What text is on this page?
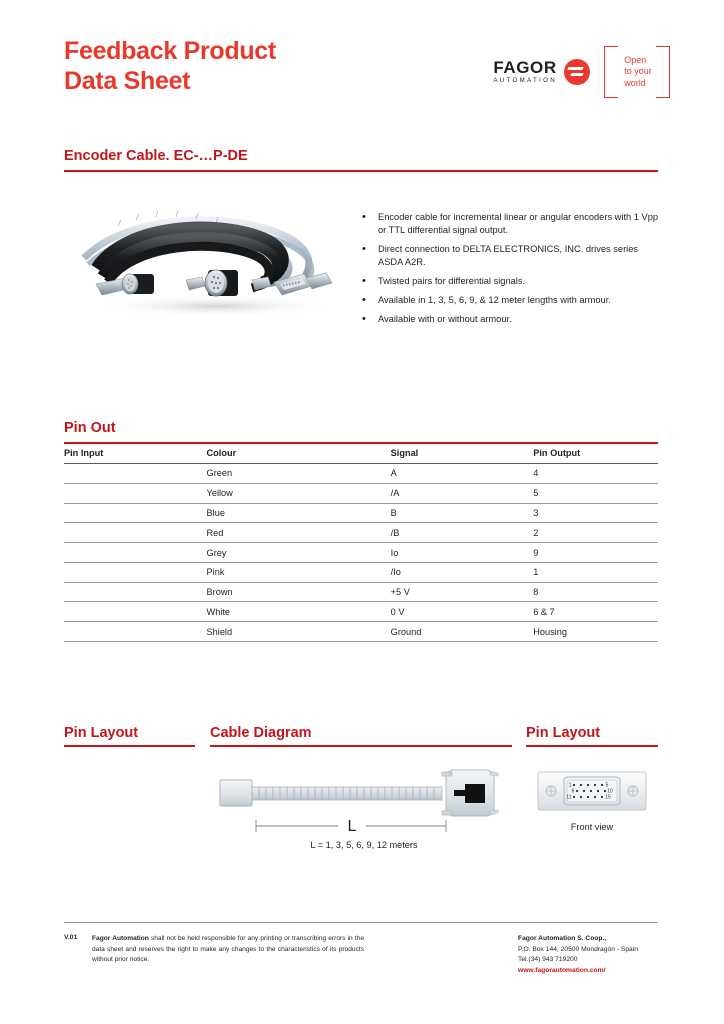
Feedback Product
Data Sheet	FAGOR
AUTOMATION
Open
to your
world
Encoder Cable. EC-…P-DE
•	Encoder cable for incremental linear or angular encoders with 1 Vpp or TTL differential signal output.
•	Direct connection to DELTA ELECTRONICS, INC. drives series ASDA A2R.
•	Twisted pairs for differential signals.
•	Available in 1, 3, 5, 6, 9, & 12 meter lengths with armour.
•	Available with or without armour.
Pin Out
Pin Input	Colour	Signal	Pin Output
	Green	A	4
	Yellow	/A	5
	Blue	B	3
	Red	/B	2
	Grey	Io	9
	Pink	/Io	1
	Brown	+5 V	8
	White	0 V	6 & 7
	Shield	Ground	Housing
Pin Layout	Cable Diagram	Pin Layout
L
L = 1, 3, 5, 6, 9, 12 meters
1	5
6	10
11	15
Front view
V.01	Fagor Automation shall not be held responsible for any printing or transcribing errors in the data sheet and reserves the right to make any changes to the characteristics of its products without prior notice.
Fagor Automation S. Coop.,
P.O. Box 144, 20500 Mondragón - Spain
Tel.(34) 943 719200
www.fagorautomation.com/
